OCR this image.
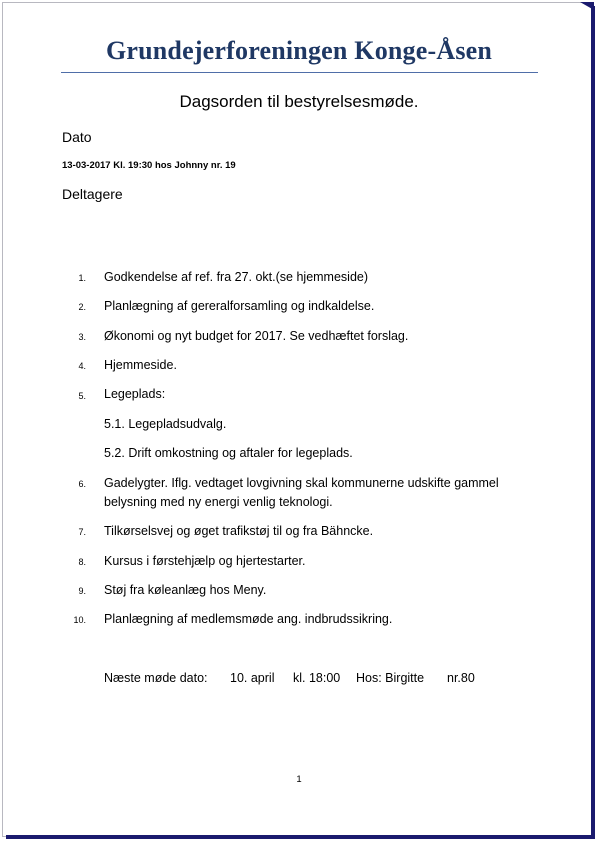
Grundejerforeningen Konge-Åsen
Dagsorden til bestyrelsesmøde.
Dato
13-03-2017 Kl. 19:30 hos Johnny nr. 19
Deltagere
1. Godkendelse af ref. fra 27. okt.(se hjemmeside)
2. Planlægning af gereralforsamling og indkaldelse.
3. Økonomi og nyt budget for 2017. Se vedhæftet forslag.
4. Hjemmeside.
5. Legeplads:
5.1. Legepladsudvalg.
5.2. Drift omkostning og aftaler for legeplads.
6. Gadelygter. Iflg. vedtaget lovgivning skal kommunerne udskifte gammel
belysning med ny energi venlig teknologi.
7. Tilkørselsvej og øget trafikstøj til og fra Bähncke.
8. Kursus i førstehjælp og hjertestarter.
9. Støj fra køleanlæg hos Meny.
10. Planlægning af medlemsmøde ang. indbrudssikring.
Næste møde dato: 10. april kl. 18:00 Hos: Birgitte nr.80
1
